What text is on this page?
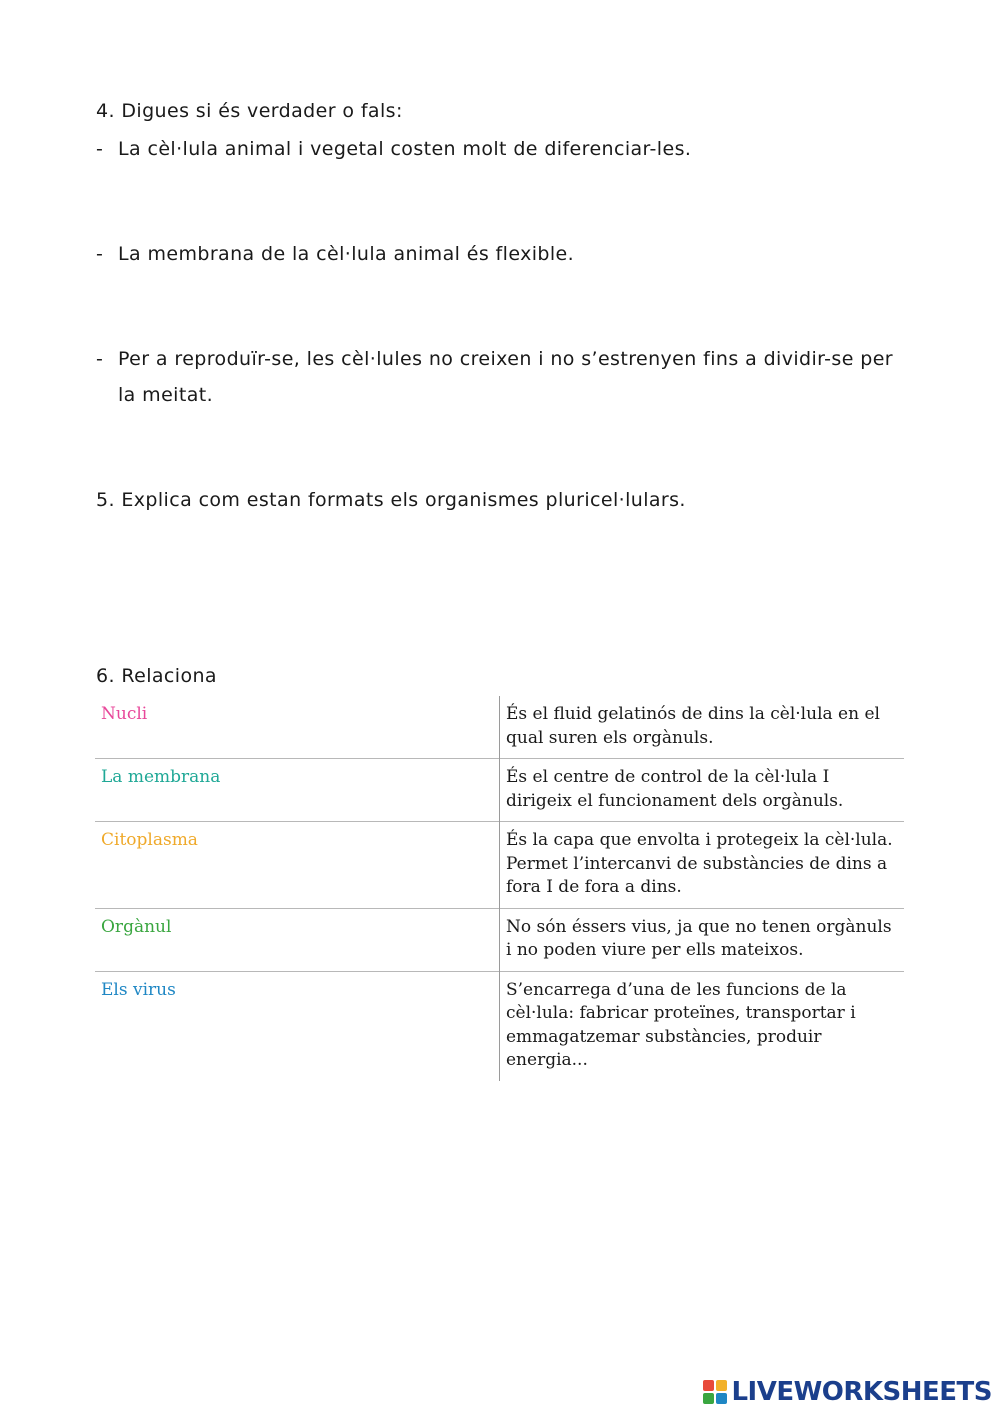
4. Digues si és verdader o fals:
- La cèl·lula animal i vegetal costen molt de diferenciar-les.
- La membrana de la cèl·lula animal és flexible.
- Per a reproduïr-se, les cèl·lules no creixen i no s’estrenyen fins a dividir-se per la meitat.
5. Explica com estan formats els organismes pluricel·lulars.
6. Relaciona
Nucli	És el fluid gelatinós de dins la cèl·lula en el qual suren els orgànuls.
La membrana	És el centre de control de la cèl·lula I dirigeix el funcionament dels orgànuls.
Citoplasma	És la capa que envolta i protegeix la cèl·lula. Permet l’intercanvi de substàncies de dins a fora I de fora a dins.
Orgànul	No són éssers vius, ja que no tenen orgànuls i no poden viure per ells mateixos.
Els virus	S’encarrega d’una de les funcions de la cèl·lula: fabricar proteïnes, transportar i emmagatzemar substàncies, produir energia...
LIVEWORKSHEETS
